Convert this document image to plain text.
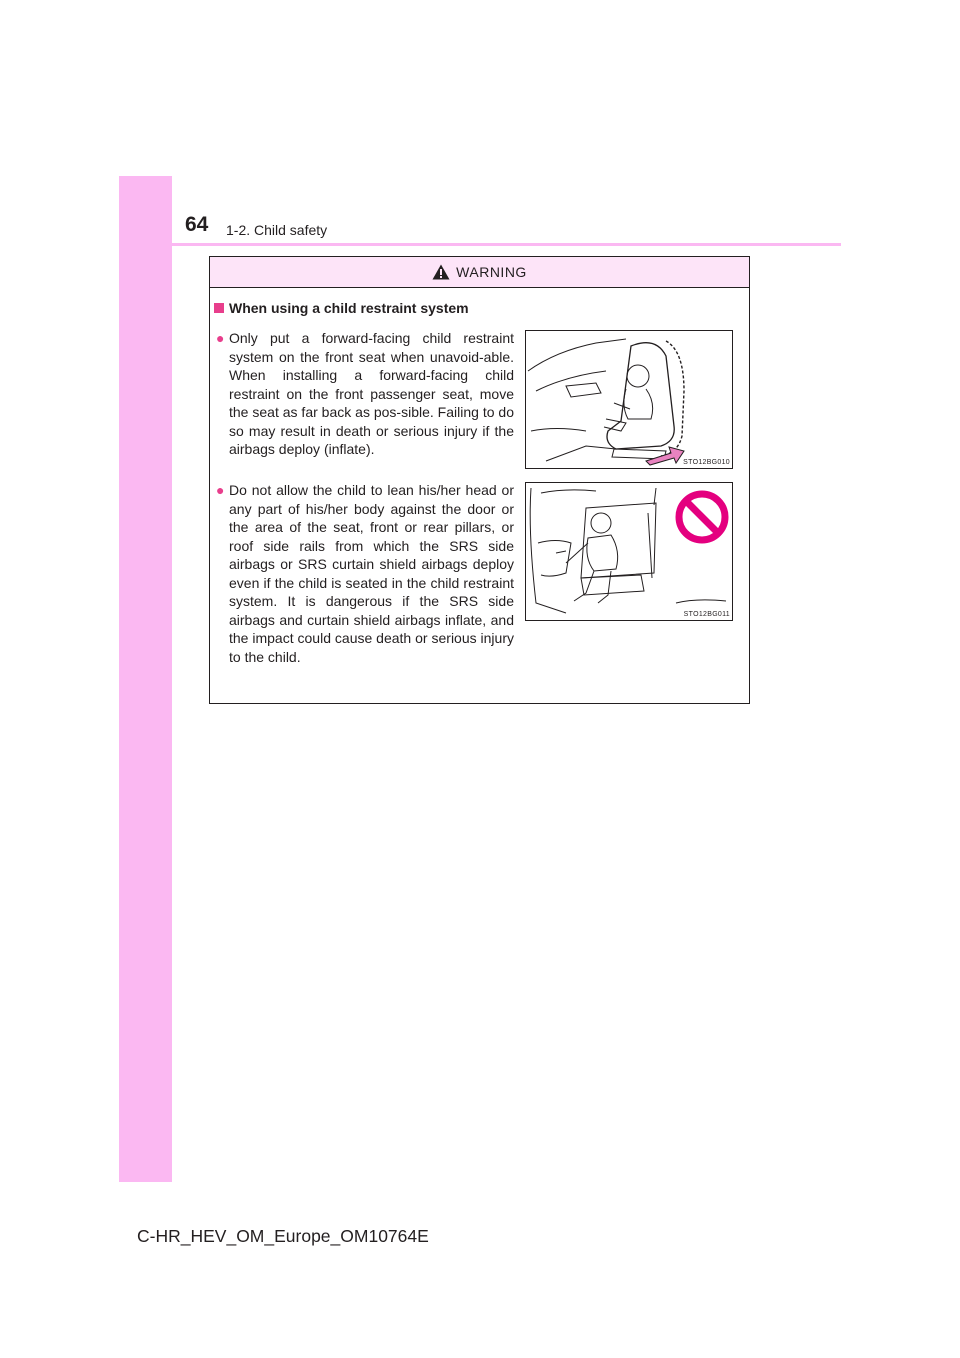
64 1-2. Child safety
WARNING
When using a child restraint system
● Only put a forward-facing child restraint system on the front seat when unavoid-able. When installing a forward-facing child restraint on the front passenger seat, move the seat as far back as pos-sible. Failing to do so may result in death or serious injury if the airbags deploy (inflate).
STO12BG010
● Do not allow the child to lean his/her head or any part of his/her body against the door or the area of the seat, front or rear pillars, or roof side rails from which the SRS side airbags or SRS curtain shield airbags deploy even if the child is seated in the child restraint system. It is dangerous if the SRS side airbags and curtain shield airbags inflate, and the impact could cause death or serious injury to the child.
STO12BG011
C-HR_HEV_OM_Europe_OM10764E
